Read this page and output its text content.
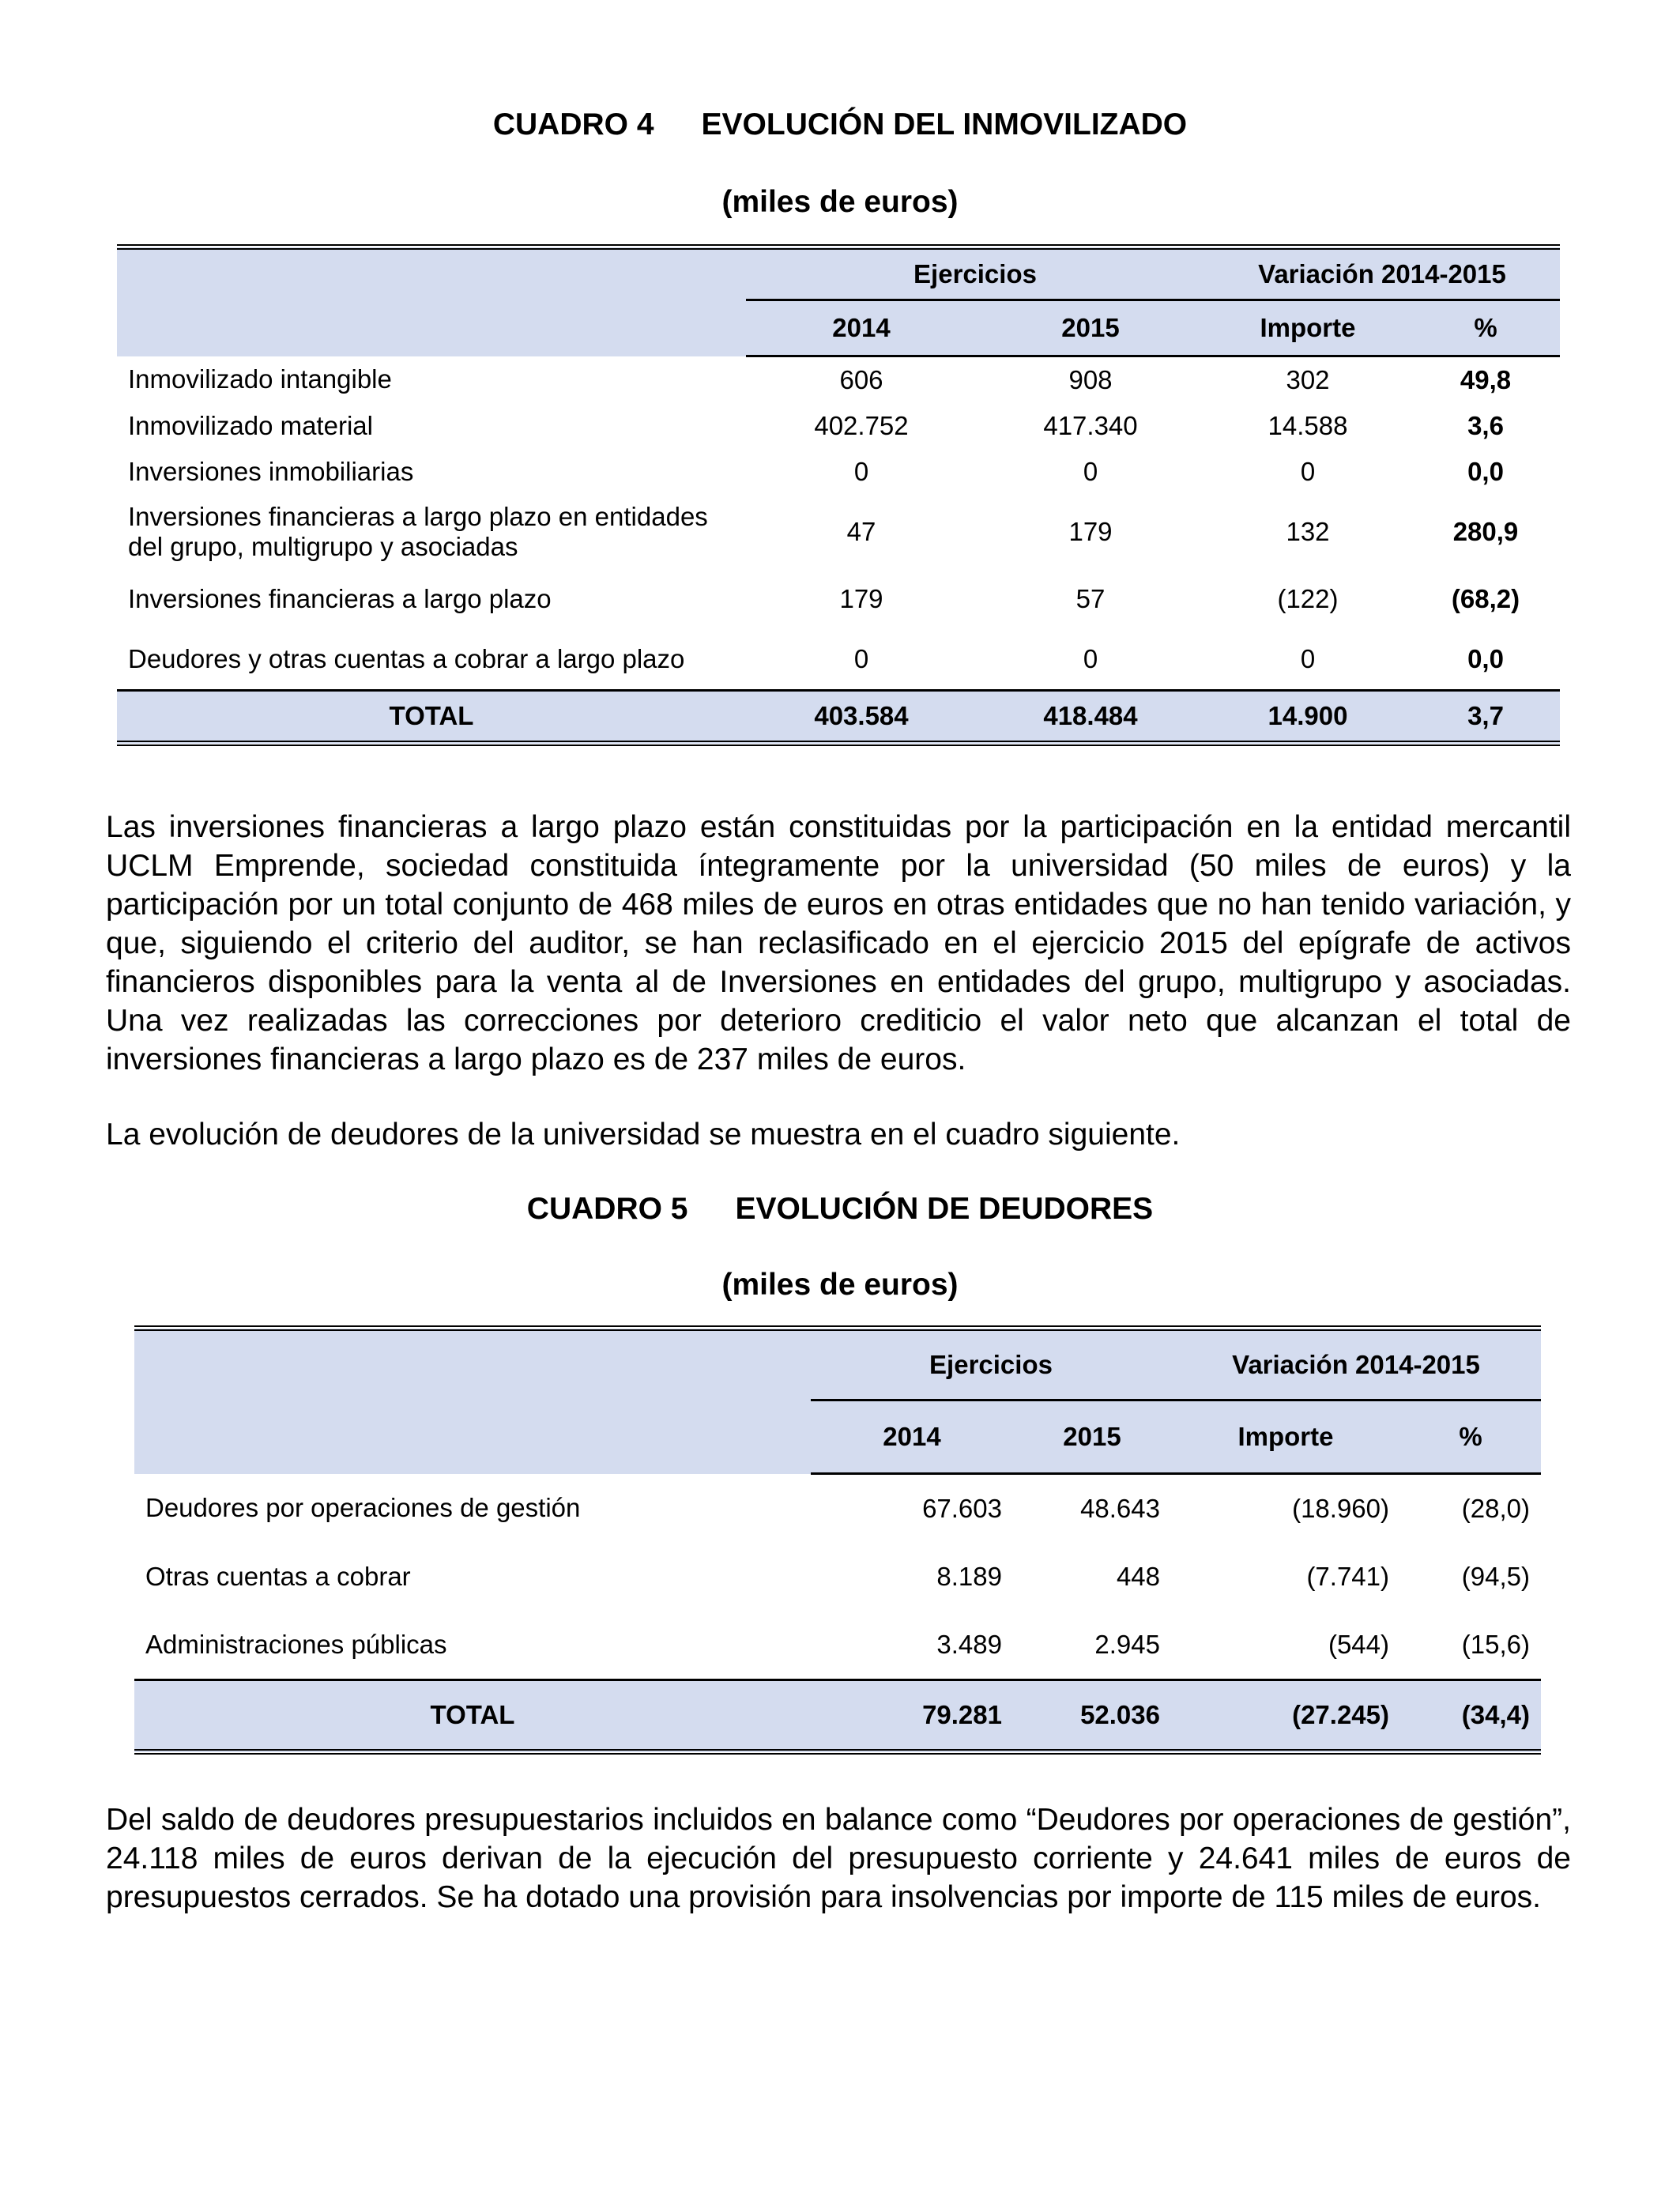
CUADRO 4 EVOLUCIÓN DEL INMOVILIZADO
(miles de euros)
	Ejercicios		Variación 2014-2015	
	2014	2015	Importe	%
Inmovilizado intangible	606	908	302	49,8
Inmovilizado material	402.752	417.340	14.588	3,6
Inversiones inmobiliarias	0	0	0	0,0
Inversiones financieras a largo plazo en entidades del grupo, multigrupo y asociadas	47	179	132	280,9
Inversiones financieras a largo plazo	179	57	(122)	(68,2)
Deudores y otras cuentas a cobrar a largo plazo	0	0	0	0,0
TOTAL	403.584	418.484	14.900	3,7
Las inversiones financieras a largo plazo están constituidas por la participación en la entidad mercantil UCLM Emprende, sociedad constituida íntegramente por la universidad (50 miles de euros) y la participación por un total conjunto de 468 miles de euros en otras entidades que no han tenido variación, y que, siguiendo el criterio del auditor, se han reclasificado en el ejercicio 2015 del epígrafe de activos financieros disponibles para la venta al de Inversiones en entidades del grupo, multigrupo y asociadas. Una vez realizadas las correcciones por deterioro crediticio el valor neto que alcanzan el total de inversiones financieras a largo plazo es de 237 miles de euros.
La evolución de deudores de la universidad se muestra en el cuadro siguiente.
CUADRO 5 EVOLUCIÓN DE DEUDORES
(miles de euros)
	Ejercicios		Variación 2014-2015	
	2014	2015	Importe	%
Deudores por operaciones de gestión	67.603	48.643	(18.960)	(28,0)
Otras cuentas a cobrar	8.189	448	(7.741)	(94,5)
Administraciones públicas	3.489	2.945	(544)	(15,6)
TOTAL	79.281	52.036	(27.245)	(34,4)
Del saldo de deudores presupuestarios incluidos en balance como “Deudores por operaciones de gestión”, 24.118 miles de euros derivan de la ejecución del presupuesto corriente y 24.641 miles de euros de presupuestos cerrados. Se ha dotado una provisión para insolvencias por importe de 115 miles de euros.
